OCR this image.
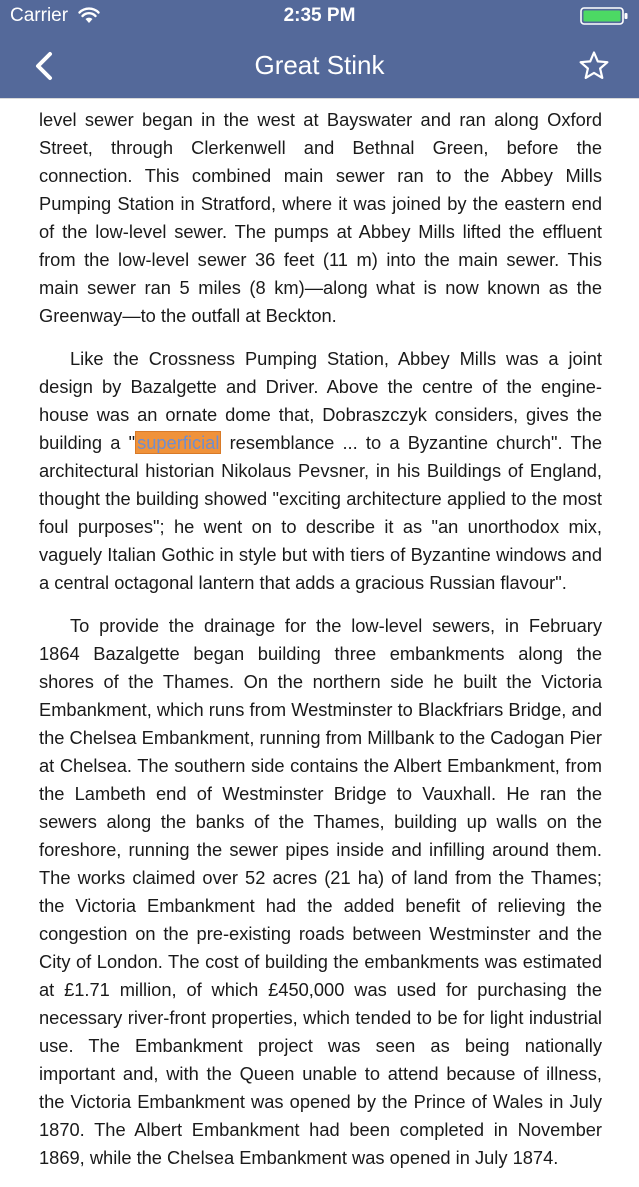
Carrier	2:35 PM
Great Stink

level sewer began in the west at Bayswater and ran along Oxford Street, through Clerkenwell and Bethnal Green, before the connection. This combined main sewer ran to the Abbey Mills Pumping Station in Stratford, where it was joined by the eastern end of the low-level sewer. The pumps at Abbey Mills lifted the effluent from the low-level sewer 36 feet (11 m) into the main sewer. This main sewer ran 5 miles (8 km)—along what is now known as the Greenway—to the outfall at Beckton.

Like the Crossness Pumping Station, Abbey Mills was a joint design by Bazalgette and Driver. Above the centre of the engine-house was an ornate dome that, Dobraszczyk considers, gives the building a " superficial resemblance ... to a Byzantine church". The architectural historian Nikolaus Pevsner, in his Buildings of England, thought the building showed "exciting architecture applied to the most foul purposes"; he went on to describe it as "an unorthodox mix, vaguely Italian Gothic in style but with tiers of Byzantine windows and a central octagonal lantern that adds a gracious Russian flavour".

To provide the drainage for the low-level sewers, in February 1864 Bazalgette began building three embankments along the shores of the Thames. On the northern side he built the Victoria Embankment, which runs from Westminster to Blackfriars Bridge, and the Chelsea Embankment, running from Millbank to the Cadogan Pier at Chelsea. The southern side contains the Albert Embankment, from the Lambeth end of Westminster Bridge to Vauxhall. He ran the sewers along the banks of the Thames, building up walls on the foreshore, running the sewer pipes inside and infilling around them. The works claimed over 52 acres (21 ha) of land from the Thames; the Victoria Embankment had the added benefit of relieving the congestion on the pre-existing roads between Westminster and the City of London. The cost of building the embankments was estimated at £1.71 million, of which £450,000 was used for purchasing the necessary river-front properties, which tended to be for light industrial use. The Embankment project was seen as being nationally important and, with the Queen unable to attend because of illness, the Victoria Embankment was opened by the Prince of Wales in July 1870. The Albert Embankment had been completed in November 1869, while the Chelsea Embankment was opened in July 1874.
